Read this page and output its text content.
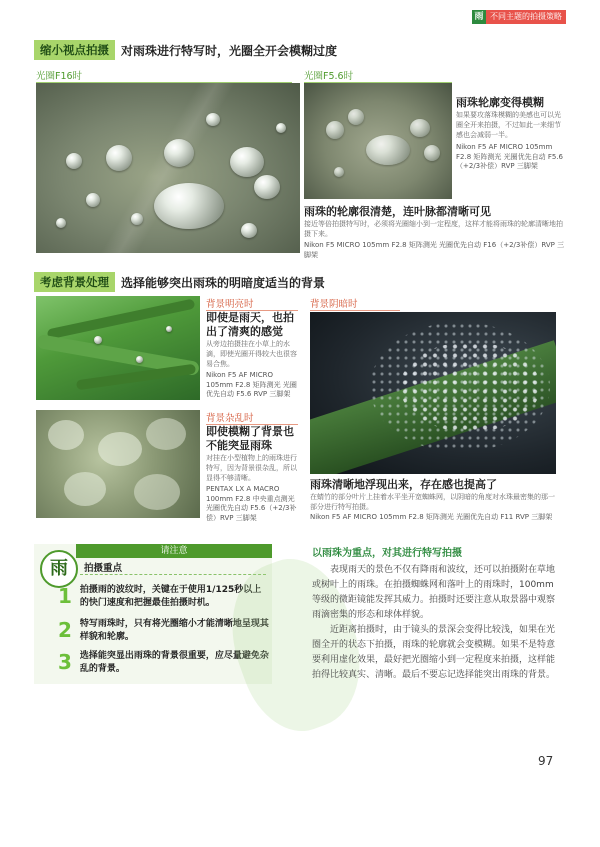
雨 不同主题的拍摄策略
缩小视点拍摄	对雨珠进行特写时，光圈全开会模糊过度
光圈F16时	光圈F5.6时
雨珠轮廓变得模糊
如果要攻落珠模糊的美感也可以光圈全开来拍摄，不过如此一来细节感也会减弱一半。
Nikon F5 AF MICRO 105mm F2.8 矩阵测光 光圈优先自动 F5.6（+2/3补偿）RVP 三脚架
雨珠的轮廓很清楚，连叶脉都清晰可见
接近等倍拍摄特写时，必须将光圈缩小到一定程度，这样才能将雨珠的轮廓清晰地拍摄下来。
Nikon F5 MICRO 105mm F2.8 矩阵测光 光圈优先自动 F16（+2/3补偿）RVP 三脚架
考虑背景处理	选择能够突出雨珠的明暗度适当的背景
背景明亮时
即使是雨天，也拍出了清爽的感觉
从旁边拍摄挂在小草上的水滴，即使光圈开得较大也很容易合焦。
Nikon F5 AF MICRO 105mm F2.8 矩阵测光 光圈优先自动 F5.6 RVP 三脚架
背景杂乱时
即使模糊了背景也不能突显雨珠
对挂在小型植物上的雨珠进行特写，因为背景很杂乱，所以显得不够清晰。
PENTAX LX A MACRO 100mm F2.8 中央重点测光 光圈优先自动 F5.6（+2/3补偿）RVP 三脚架
背景阴暗时
雨珠清晰地浮现出来，存在感也提高了
在蜻竹的部分叶片上挂着水平坐开宽蜘蛛网，以阴暗的角度对水珠最密集的那一部分进行特写拍摄。
Nikon F5 AF MICRO 105mm F2.8 矩阵测光 光圈优先自动 F11 RVP 三脚架
请注意
雨	拍摄重点
1 拍摄雨的波纹时，关键在于使用1/125秒以上的快门速度和把握最佳拍摄时机。
2 特写雨珠时，只有将光圈缩小才能清晰地呈现其样貌和轮廓。
3 选择能突显出雨珠的背景很重要，应尽量避免杂乱的背景。
以雨珠为重点，对其进行特写拍摄

表现雨天的景色不仅有降雨和波纹，还可以拍摄附在草地或树叶上的雨珠。在拍摄蜘蛛网和落叶上的雨珠时，100mm等级的微距镜能发挥其威力。拍摄时还要注意从取景器中观察雨滴密集的形态和球体样貌。

近距离拍摄时，由于镜头的景深会变得比较浅，如果在光圈全开的状态下拍摄，雨珠的轮廓就会变模糊。如果不是特意要利用虚化效果，最好把光圈缩小到一定程度来拍摄，这样能拍得比较真实、清晰。最后不要忘记选择能突出雨珠的背景。

97
